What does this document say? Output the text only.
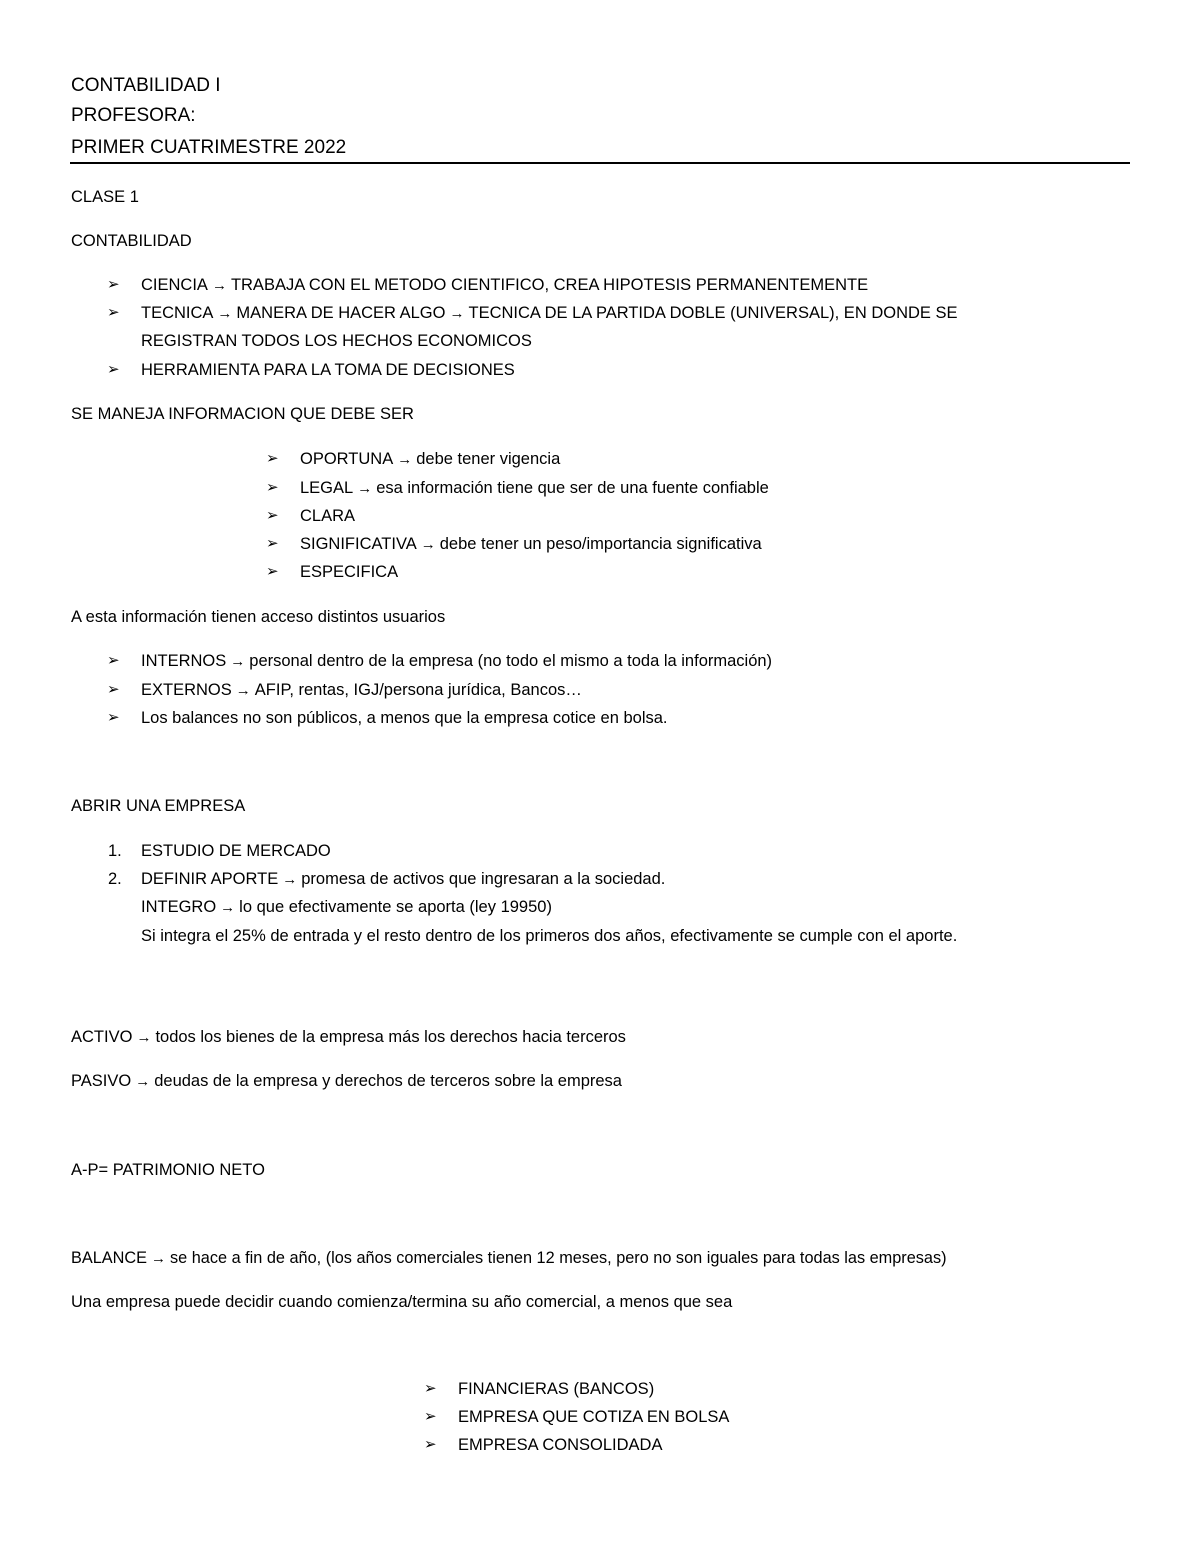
CONTABILIDAD I
PROFESORA:
PRIMER CUATRIMESTRE 2022
CLASE 1
CONTABILIDAD
➢ CIENCIA → TRABAJA CON EL METODO CIENTIFICO, CREA HIPOTESIS PERMANENTEMENTE
➢ TECNICA → MANERA DE HACER ALGO → TECNICA DE LA PARTIDA DOBLE (UNIVERSAL), EN DONDE SE
REGISTRAN TODOS LOS HECHOS ECONOMICOS
➢ HERRAMIENTA PARA LA TOMA DE DECISIONES
SE MANEJA INFORMACION QUE DEBE SER
➢ OPORTUNA → debe tener vigencia
➢ LEGAL → esa información tiene que ser de una fuente confiable
➢ CLARA
➢ SIGNIFICATIVA → debe tener un peso/importancia significativa
➢ ESPECIFICA
A esta información tienen acceso distintos usuarios
➢ INTERNOS → personal dentro de la empresa (no todo el mismo a toda la información)
➢ EXTERNOS → AFIP, rentas, IGJ/persona jurídica, Bancos…
➢ Los balances no son públicos, a menos que la empresa cotice en bolsa.
ABRIR UNA EMPRESA
1. ESTUDIO DE MERCADO
2. DEFINIR APORTE → promesa de activos que ingresaran a la sociedad.
INTEGRO → lo que efectivamente se aporta (ley 19950)
Si integra el 25% de entrada y el resto dentro de los primeros dos años, efectivamente se cumple con el aporte.
ACTIVO → todos los bienes de la empresa más los derechos hacia terceros
PASIVO → deudas de la empresa y derechos de terceros sobre la empresa
A-P= PATRIMONIO NETO
BALANCE → se hace a fin de año, (los años comerciales tienen 12 meses, pero no son iguales para todas las empresas)
Una empresa puede decidir cuando comienza/termina su año comercial, a menos que sea
➢ FINANCIERAS (BANCOS)
➢ EMPRESA QUE COTIZA EN BOLSA
➢ EMPRESA CONSOLIDADA
